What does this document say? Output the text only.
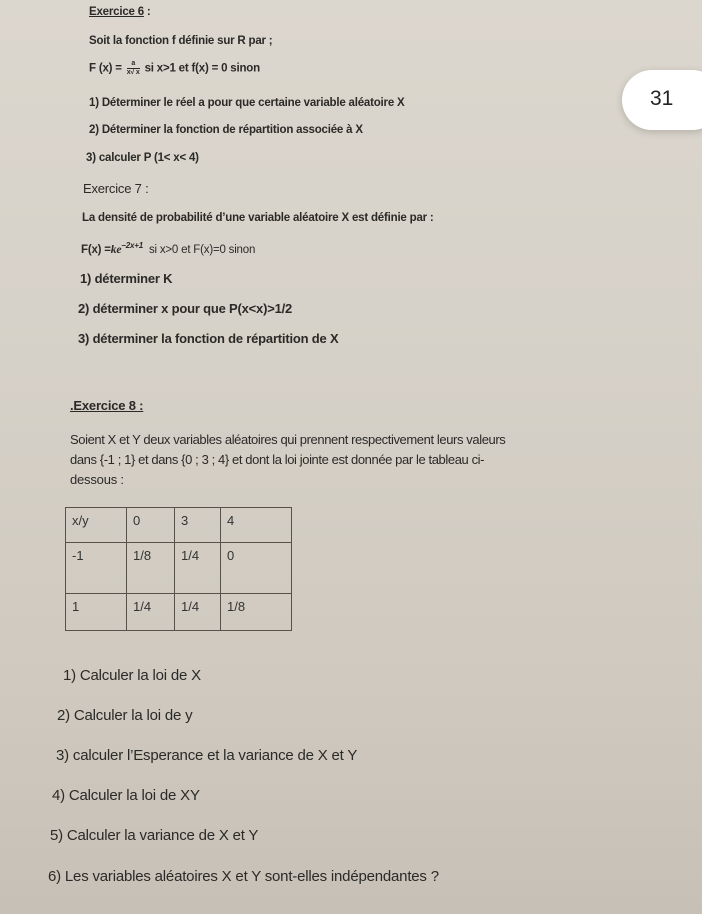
31
Exercice 6 :
Soit la fonction f définie sur R par ;
F $(x) = \frac{a}{x√ x}$ si x>1 et f(x) = 0 sinon
1) Déterminer le réel a pour que certaine variable aléatoire X
2) Déterminer la fonction de répartition associée à X
3) calculer P (1< x< 4)
Exercice 7 :
La densité de probabilité d’une variable aléatoire X est définie par :
$F(x) =ke^{-2x+1}$ si x>0 et F(x)=0 sinon
1) déterminer K
2) déterminer x pour que P(x<x)>1/2
3) déterminer la fonction de répartition de X
.Exercice 8 :
Soient X et Y deux variables aléatoires qui prennent respectivement leurs valeurs
dans {-1 ; 1} et dans {0 ; 3 ; 4} et dont la loi jointe est donnée par le tableau ci-
dessous :
x/y	0	3	4
-1	1/8	1/4	0
1	1/4	1/4	1/8
1) Calculer la loi de X
2) Calculer la loi de y
3) calculer l’Esperance et la variance de X et Y
4) Calculer la loi de XY
5) Calculer la variance de X et Y
6) Les variables aléatoires X et Y sont-elles indépendantes ?
